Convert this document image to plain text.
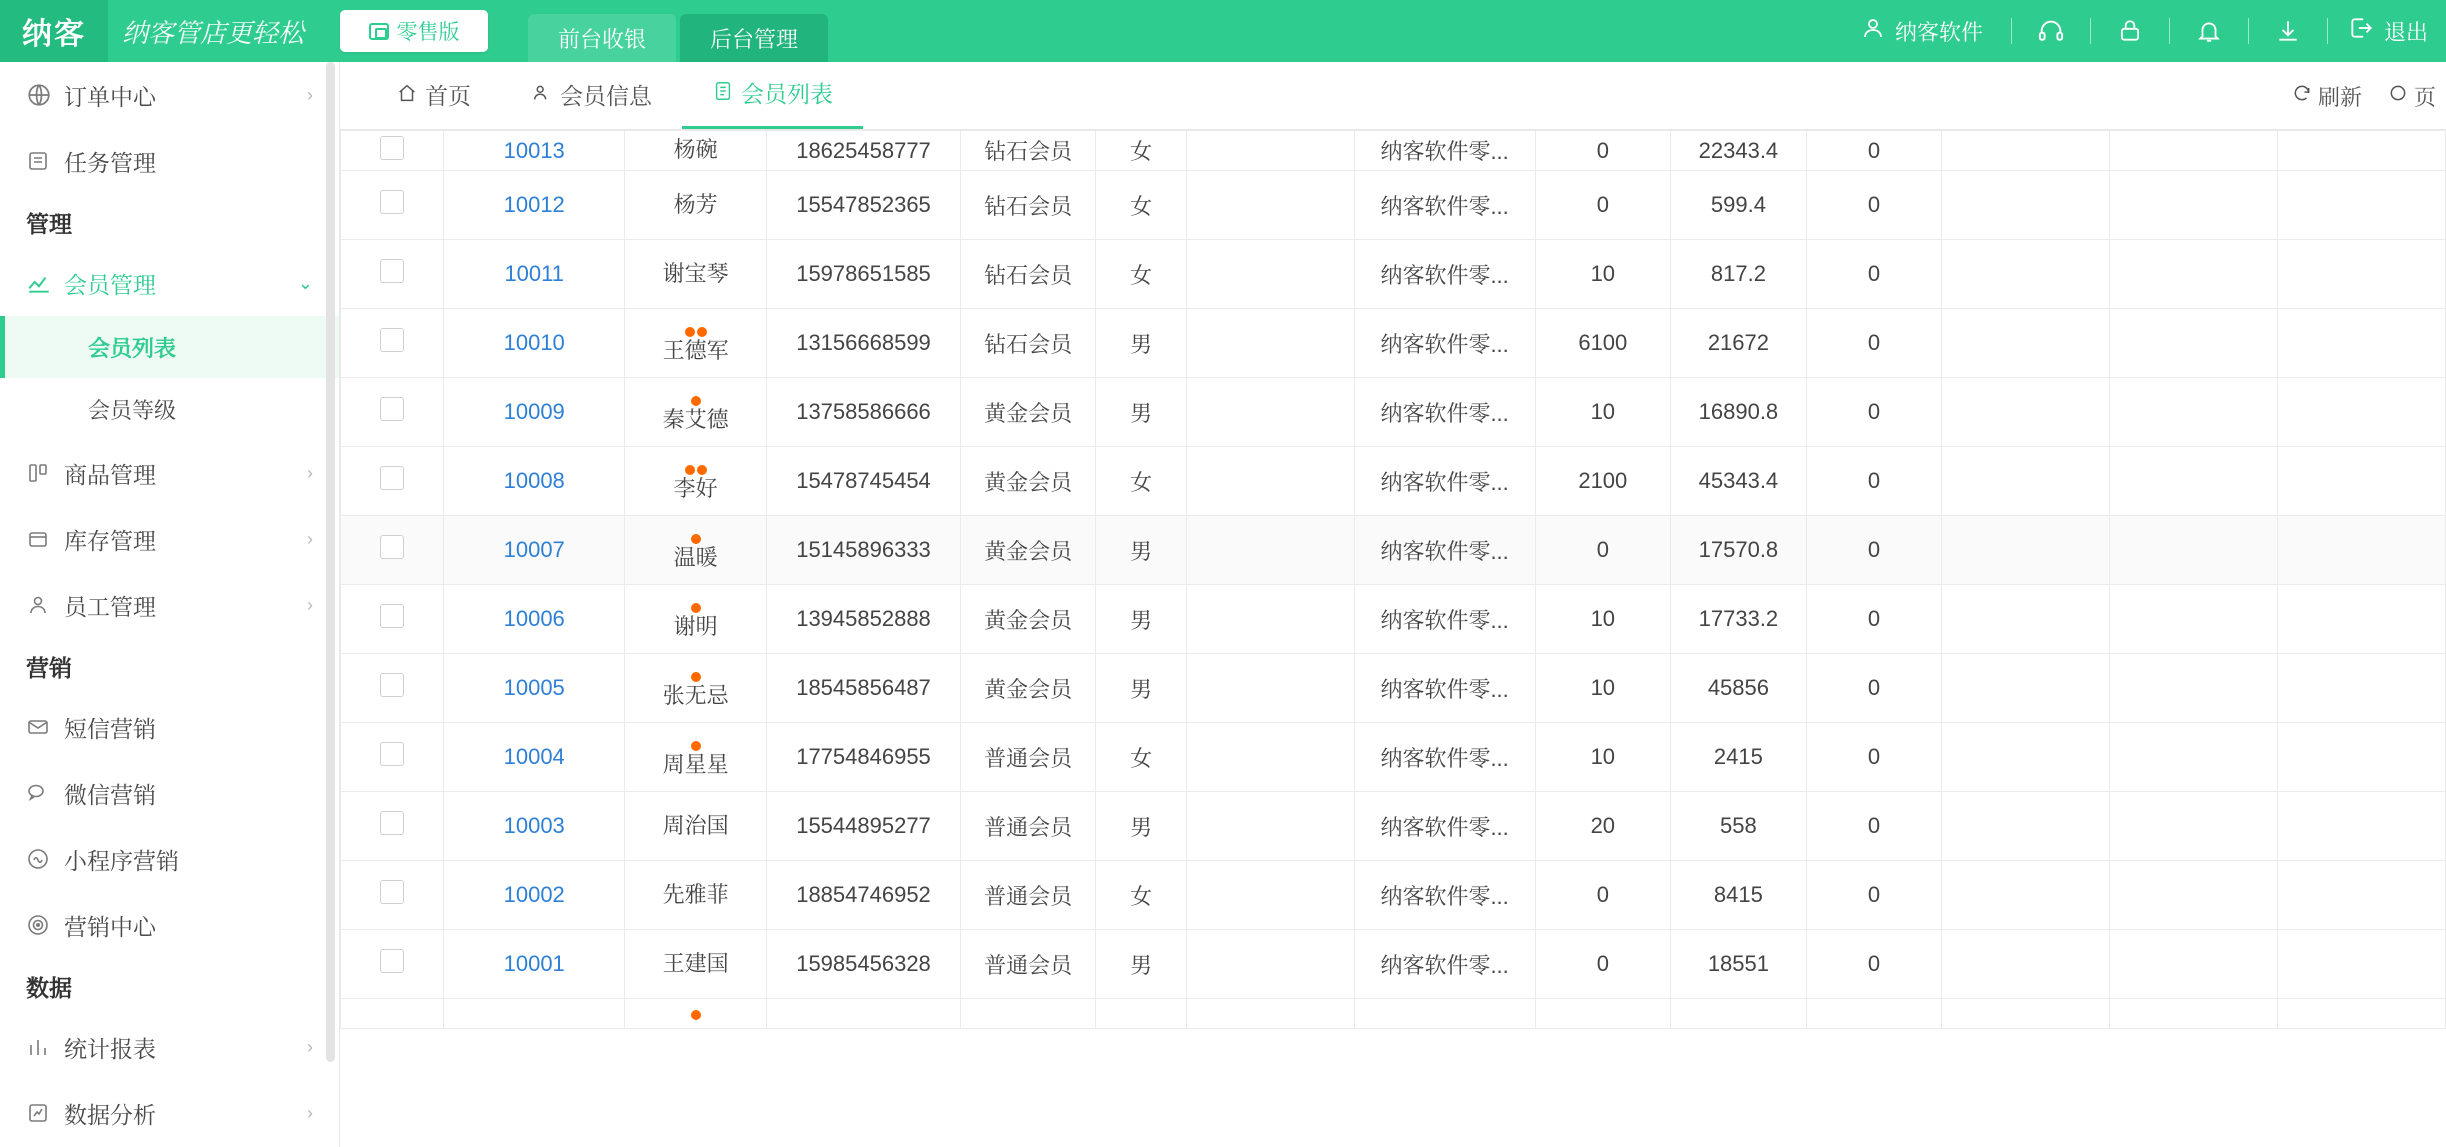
纳客 纳客管店更轻松	零售版	前台收银	后台管理	纳客软件	退出
订单中心	›
任务管理
管理
会员管理	⌄
会员列表
会员等级
商品管理	›
库存管理	›
员工管理	›
营销
短信营销
微信营销
小程序营销
营销中心
数据
统计报表	›
数据分析	›
首页	会员信息	会员列表	刷新 页
	10013	杨碗	18625458777	钻石会员	女		纳客软件零...	0	22343.4	0			
	10012	杨芳	15547852365	钻石会员	女		纳客软件零...	0	599.4	0			
	10011	谢宝琴	15978651585	钻石会员	女		纳客软件零...	10	817.2	0			
	10010	王德军	13156668599	钻石会员	男		纳客软件零...	6100	21672	0			
	10009	秦艾德	13758586666	黄金会员	男		纳客软件零...	10	16890.8	0			
	10008	李好	15478745454	黄金会员	女		纳客软件零...	2100	45343.4	0			
	10007	温暖	15145896333	黄金会员	男		纳客软件零...	0	17570.8	0			
	10006	谢明	13945852888	黄金会员	男		纳客软件零...	10	17733.2	0			
	10005	张无忌	18545856487	黄金会员	男		纳客软件零...	10	45856	0			
	10004	周星星	17754846955	普通会员	女		纳客软件零...	10	2415	0			
	10003	周治国	15544895277	普通会员	男		纳客软件零...	20	558	0			
	10002	先雅菲	18854746952	普通会员	女		纳客软件零...	0	8415	0			
	10001	王建国	15985456328	普通会员	男		纳客软件零...	0	18551	0			
